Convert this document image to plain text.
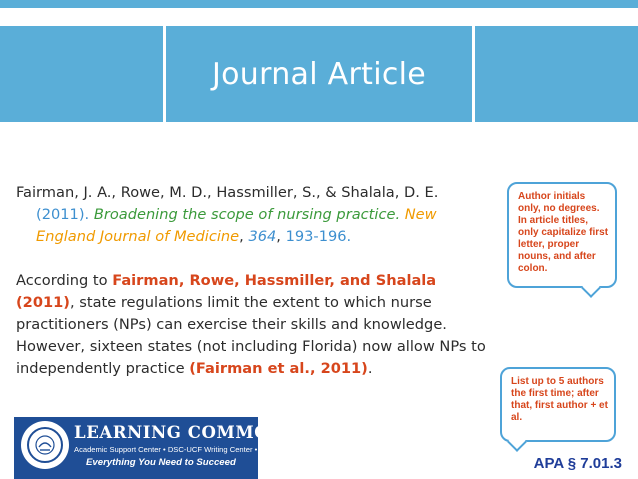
Journal Article
Fairman, J. A., Rowe, M. D., Hassmiller, S., & Shalala, D. E. (2011). Broadening the scope of nursing practice. New England Journal of Medicine, 364, 193-196.
According to Fairman, Rowe, Hassmiller, and Shalala (2011), state regulations limit the extent to which nurse practitioners (NPs) can exercise their skills and knowledge. However, sixteen states (not including Florida) now allow NPs to independently practice (Fairman et al., 2011).
Author initials only, no degrees. In article titles, only capitalize first letter, proper nouns, and after colon.
List up to 5 authors the first time; after that, first author + et al.
LEARNING COMMONS
Academic Support Center • DSC-UCF Writing Center • Library Services
Everything You Need to Succeed	APA § 7.01.3
